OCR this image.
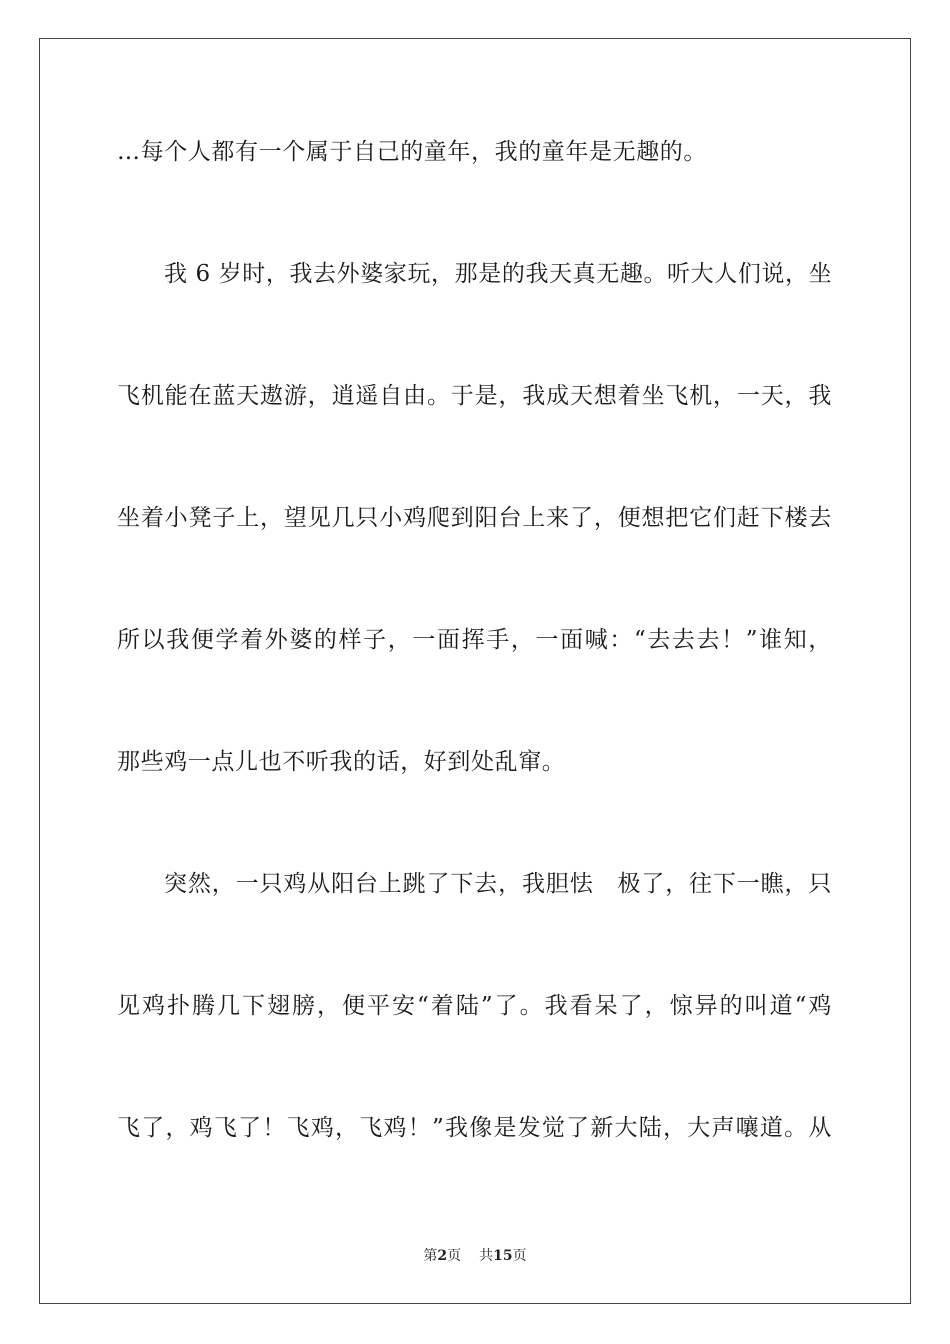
…每个人都有一个属于自己的童年，我的童年是无趣的。
我 6 岁时，我去外婆家玩，那是的我天真无趣。听大人们说，坐
飞机能在蓝天遨游，逍遥自由。于是，我成天想着坐飞机，一天，我
坐着小凳子上，望见几只小鸡爬到阳台上来了，便想把它们赶下楼去
所以我便学着外婆的样子，一面挥手，一面喊：“去去去！”谁知，
那些鸡一点儿也不听我的话，好到处乱窜。
突然，一只鸡从阳台上跳了下去，我胆怯　极了，往下一瞧，只
见鸡扑腾几下翅膀，便平安“着陆”了。我看呆了，惊异的叫道“鸡
飞了，鸡飞了！飞鸡，飞鸡！”我像是发觉了新大陆，大声嚷道。从
第2页 共15页
